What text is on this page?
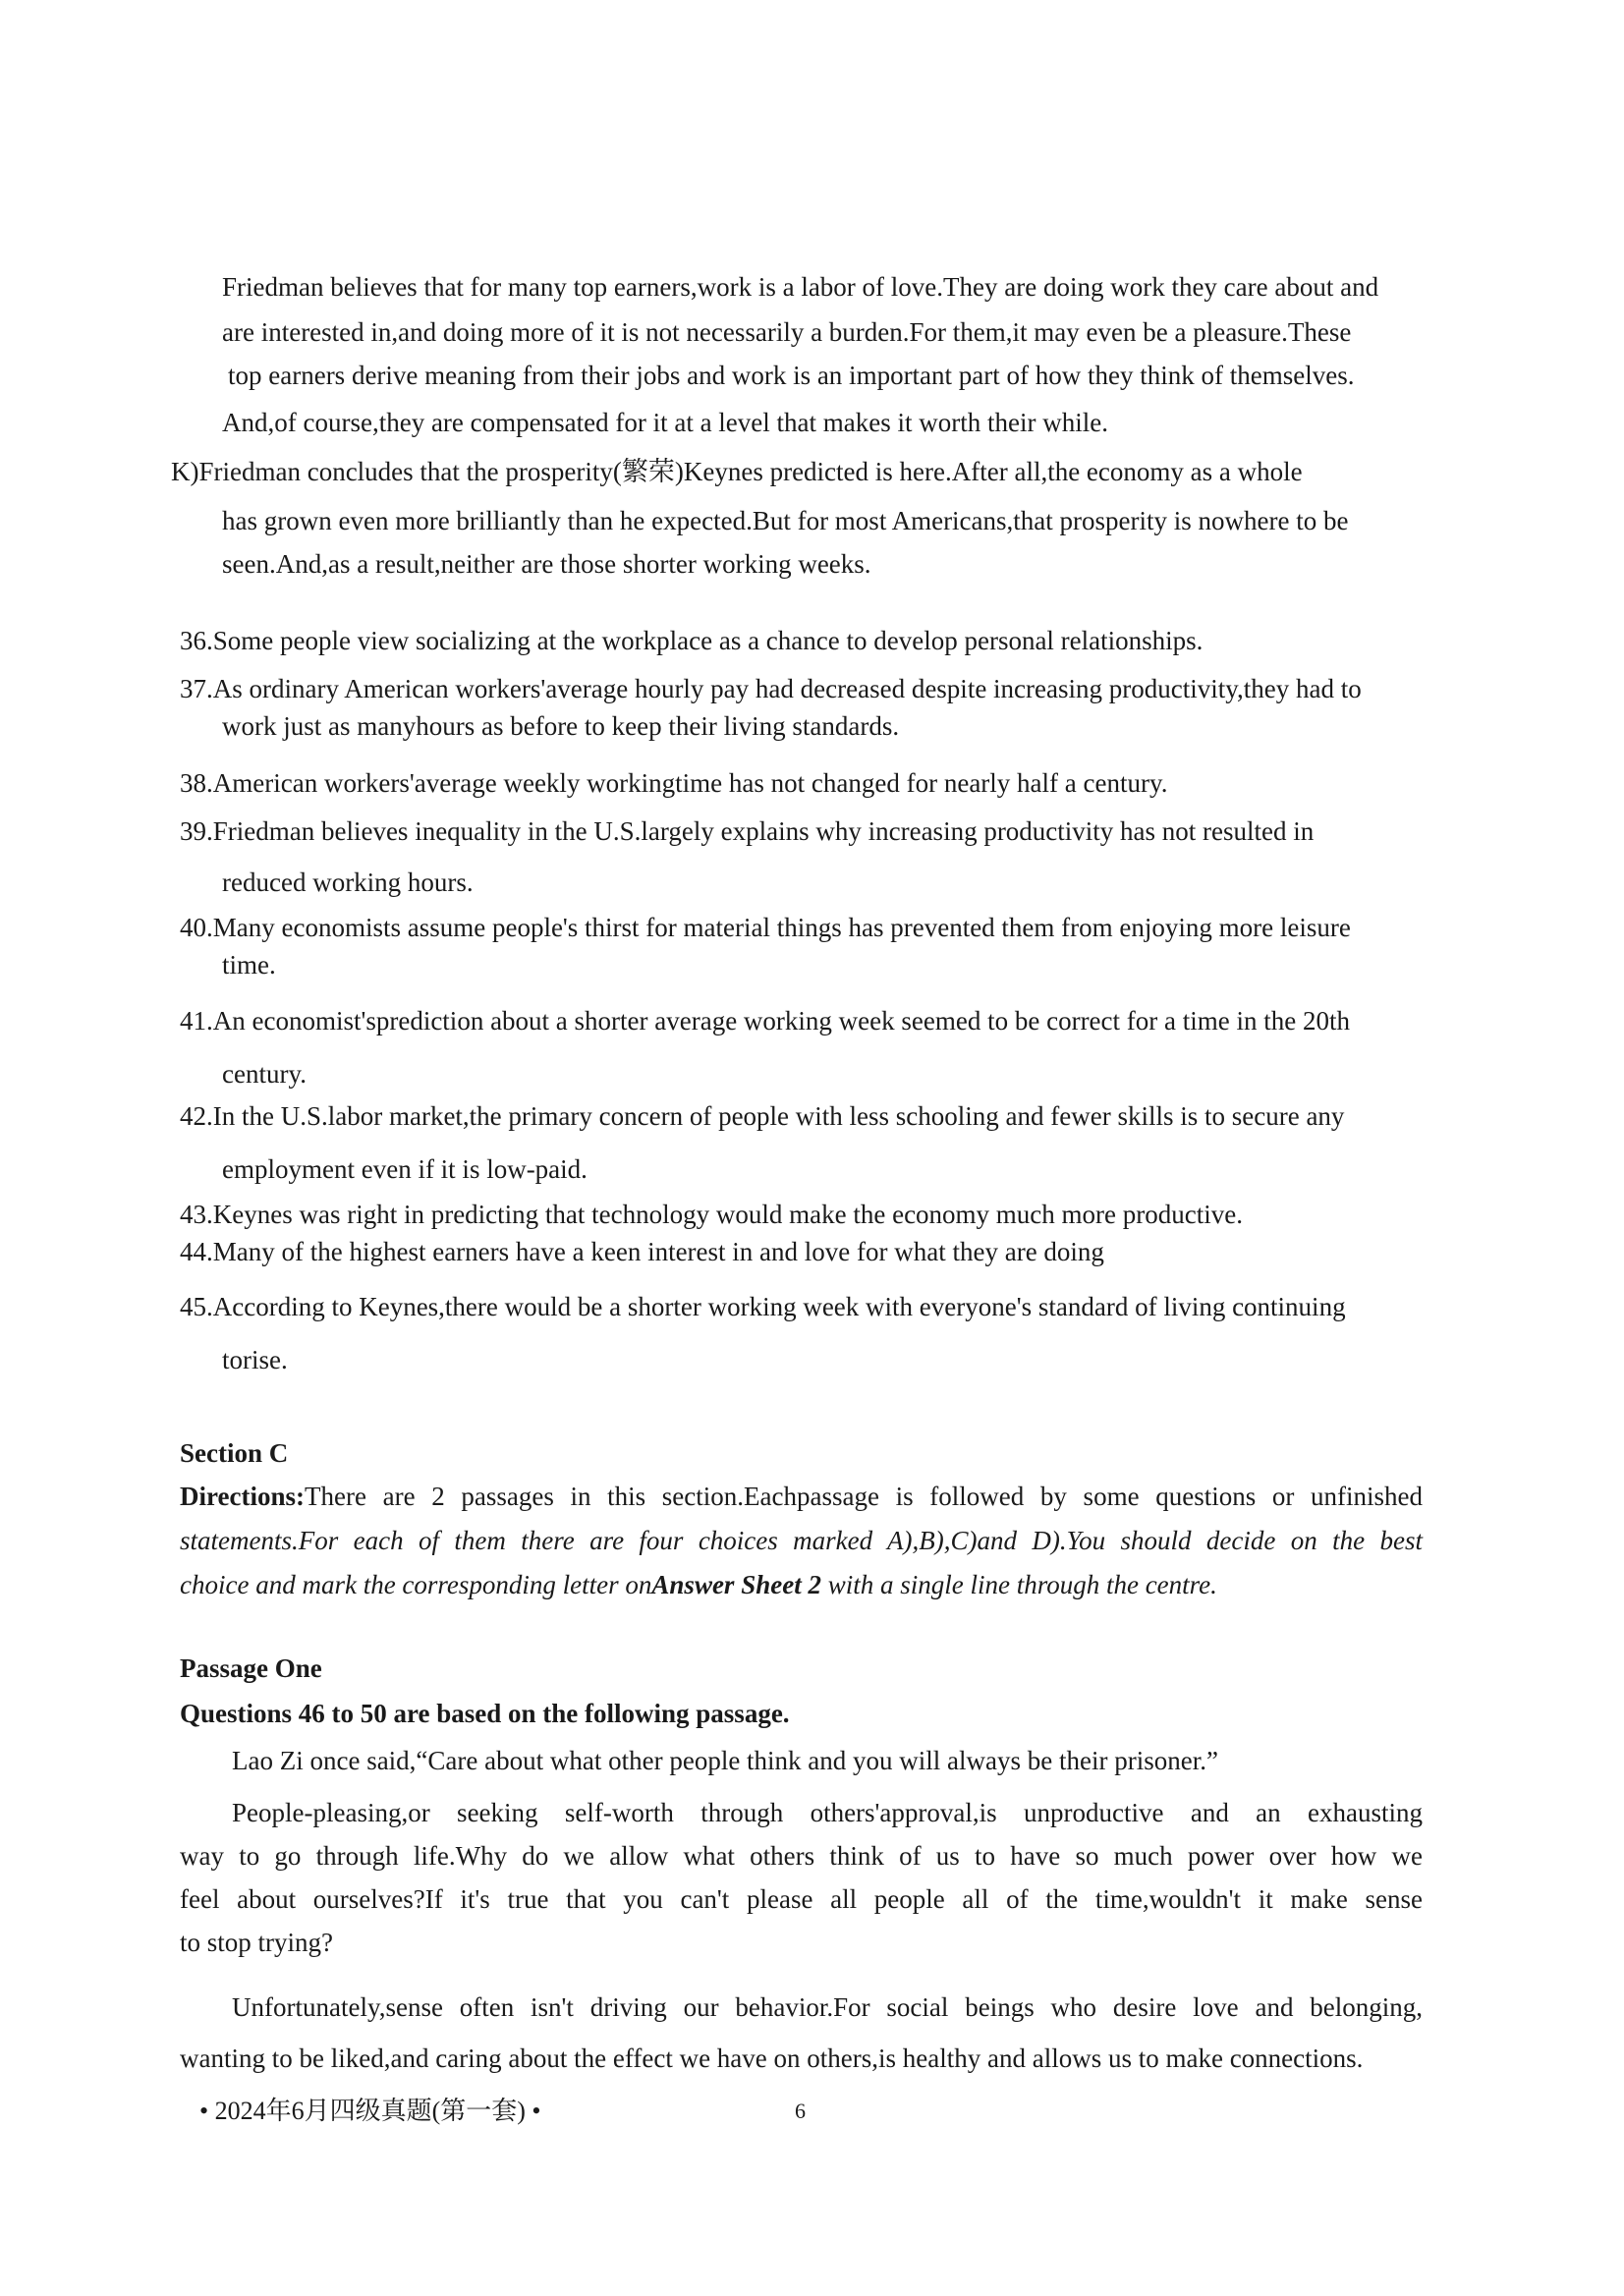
Friedman believes that for many top earners,work is a labor of love.They are doing work they care about and
are interested in,and doing more of it is not necessarily a burden.For them,it may even be a pleasure.These
top earners derive meaning from their jobs and work is an important part of how they think of themselves.
And,of course,they are compensated for it at a level that makes it worth their while.
K)Friedman concludes that the prosperity(繁荣)Keynes predicted is here.After all,the economy as a whole
has grown even more brilliantly than he expected.But for most Americans,that prosperity is nowhere to be
seen.And,as a result,neither are those shorter working weeks.
36.Some people view socializing at the workplace as a chance to develop personal relationships.
37.As ordinary American workers'average hourly pay had decreased despite increasing productivity,they had to
work just as manyhours as before to keep their living standards.
38.American workers'average weekly workingtime has not changed for nearly half a century.
39.Friedman believes inequality in the U.S.largely explains why increasing productivity has not resulted in
reduced working hours.
40.Many economists assume people's thirst for material things has prevented them from enjoying more leisure
time.
41.An economist'sprediction about a shorter average working week seemed to be correct for a time in the 20th
century.
42.In the U.S.labor market,the primary concern of people with less schooling and fewer skills is to secure any
employment even if it is low-paid.
43.Keynes was right in predicting that technology would make the economy much more productive.
44.Many of the highest earners have a keen interest in and love for what they are doing
45.According to Keynes,there would be a shorter working week with everyone's standard of living continuing
torise.
Section C
Directions:There are 2 passages in this section.Eachpassage is followed by some questions or unfinished
statements.For each of them there are four choices marked A),B),C)and D).You should decide on the best
choice and mark the corresponding letter onAnswer Sheet 2 with a single line through the centre.
Passage One
Questions 46 to 50 are based on the following passage.
Lao Zi once said,“Care about what other people think and you will always be their prisoner.”
People-pleasing,or seeking self-worth through others'approval,is unproductive and an exhausting
way to go through life.Why do we allow what others think of us to have so much power over how we
feel about ourselves?If it's true that you can't please all people all of the time,wouldn't it make sense
to stop trying?
Unfortunately,sense often isn't driving our behavior.For social beings who desire love and belonging,
wanting to be liked,and caring about the effect we have on others,is healthy and allows us to make connections.
• 2024年6月四级真题(第一套) •	6
